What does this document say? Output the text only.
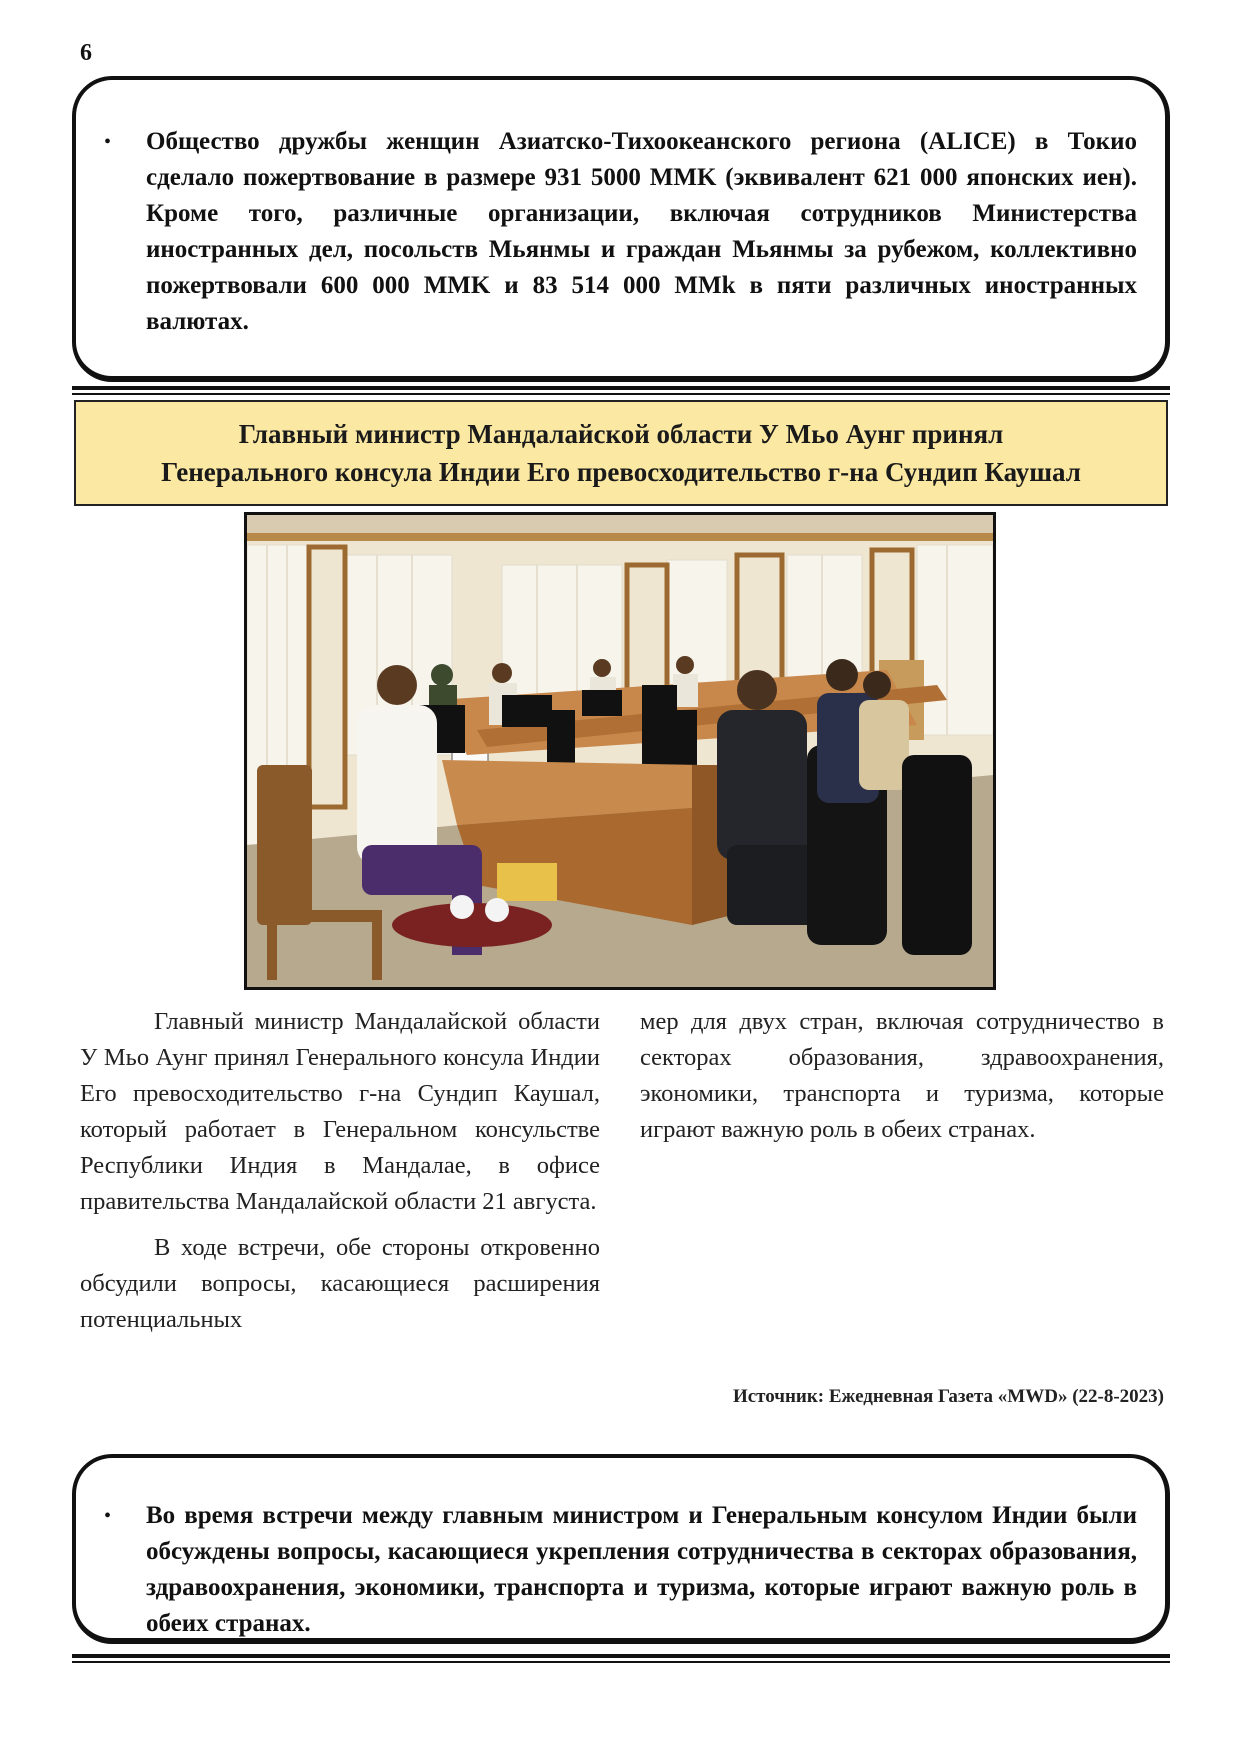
6
•	Общество дружбы женщин Азиатско-Тихоокеанского региона (ALICE) в Токио сделало пожертвование в размере 931 5000 MMK (эквивалент 621 000 японских иен). Кроме того, различные организации, включая сотрудников Министерства иностранных дел, посольств Мьянмы и граждан Мьянмы за рубежом, коллективно пожертвовали 600 000 MMK и 83 514 000 MMk в пяти различных иностранных валютах.
Главный министр Мандалайской области У Мьо Аунг принял
Генерального консула Индии Его превосходительство г-на Сундип Каушал

Главный министр Мандалайской области У Мьо Аунг принял Генерального консула Индии Его превосходительство г-на Сундип Каушал, который работает в Генеральном консульстве Республики Индия в Мандалае, в офисе правительства Мандалайской области 21 августа.

В ходе встречи, обе стороны откровенно обсудили вопросы, касающиеся расширения потенциальных

мер для двух стран, включая сотрудничество в секторах образования, здравоохранения, экономики, транспорта и туризма, которые играют важную роль в обеих странах.

Источник: Ежедневная Газета «MWD» (22-8-2023)
•	Во время встречи между главным министром и Генеральным консулом Индии были обсуждены вопросы, касающиеся укрепления сотрудничества в секторах образования, здравоохранения, экономики, транспорта и туризма, которые играют важную роль в обеих странах.
